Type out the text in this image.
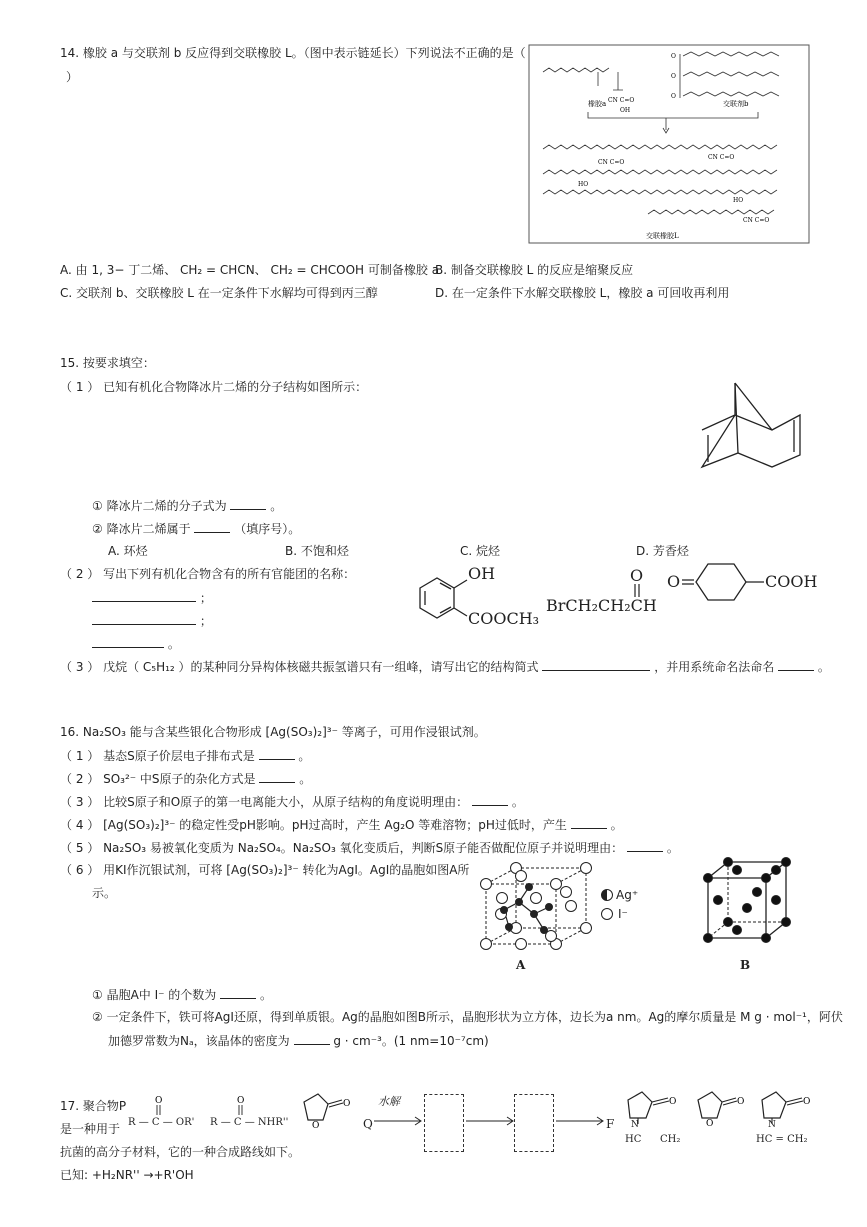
14. 橡胶 a 与交联剂 b 反应得到交联橡胶 L。（图中表示链延长）下列说法不正确的是（
）
CN C=O
OH
O
O
O
橡胶a	交联剂b
CN C=O
CN C=O
HO
HO
CN C=O
交联橡胶L
A. 由 1, 3− 丁二烯、 CH₂ = CHCN、 CH₂ = CHCOOH 可制备橡胶 a
B. 制备交联橡胶 L 的反应是缩聚反应
C. 交联剂 b、交联橡胶 L 在一定条件下水解均可得到丙三醇	D. 在一定条件下水解交联橡胶 L，橡胶 a 可回收再利用
15. 按要求填空：
（ 1 ） 已知有机化合物降冰片二烯的分子结构如图所示：
① 降冰片二烯的分子式为	。
② 降冰片二烯属于	（填序号）。
A. 环烃	B. 不饱和烃	C. 烷烃	D. 芳香烃
（ 2 ） 写出下列有机化合物含有的所有官能团的名称：
；
；
。
OH
COOCH₃
O
BrCH₂CH₂CH
O	COOH
（ 3 ） 戊烷（ C₅H₁₂ ）的某种同分异构体核磁共振氢谱只有一组峰，请写出它的结构简式	，并用系统命名法命名	。
16. Na₂SO₃ 能与含某些银化合物形成 [Ag(SO₃)₂]³⁻ 等离子，可用作浸银试剂。
（ 1 ） 基态S原子价层电子排布式是	。
（ 2 ） SO₃²⁻ 中S原子的杂化方式是	。
（ 3 ） 比较S原子和O原子的第一电离能大小，从原子结构的角度说明理由：	。
（ 4 ） [Ag(SO₃)₂]³⁻ 的稳定性受pH影响。pH过高时，产生 Ag₂O 等难溶物；pH过低时，产生	。
（ 5 ） Na₂SO₃ 易被氧化变质为 Na₂SO₄。Na₂SO₃ 氧化变质后，判断S原子能否做配位原子并说明理由：	。
（ 6 ） 用KI作沉银试剂，可将 [Ag(SO₃)₂]³⁻ 转化为AgI。AgI的晶胞如图A所
示。	Ag⁺
I⁻
A	B
① 晶胞A中 I⁻ 的个数为	。
② 一定条件下，铁可将AgI还原，得到单质银。Ag的晶胞如图B所示，晶胞形状为立方体，边长为a nm。Ag的摩尔质量是 M g · mol⁻¹，阿伏
加德罗常数为Nₐ，该晶体的密度为	g · cm⁻³。(1 nm=10⁻⁷cm)
17. 聚合物P
是一种用于
抗菌的高分子材料，它的一种合成路线如下。
已知: +H₂NR'' →+R'OH
R — C — OR'
O
R — C — NHR''
O	O
O	Q
水解
F
O
N
HC CH₂
O
O
O
N
HC = CH₂
